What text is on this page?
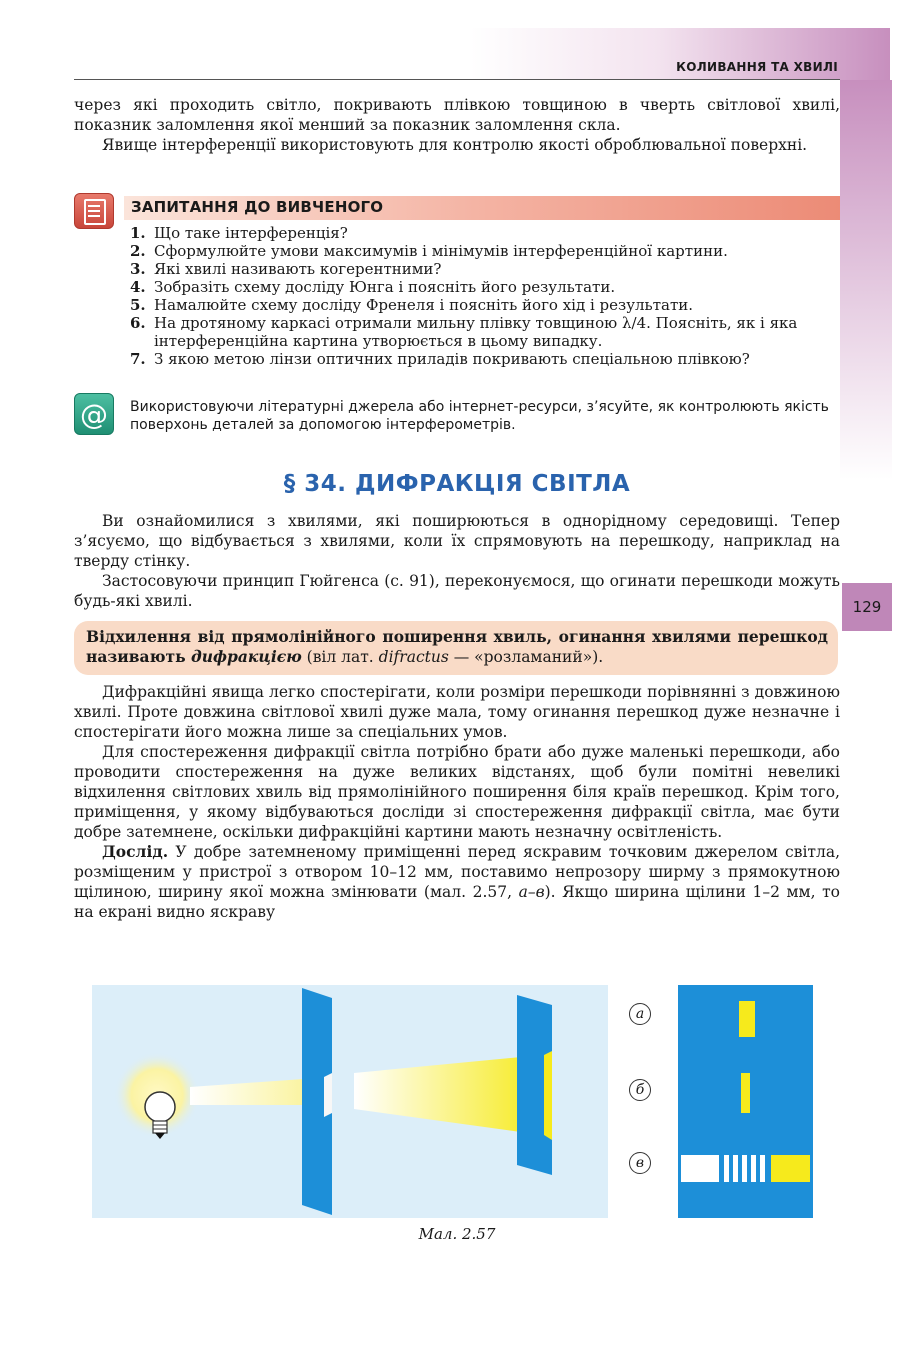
КОЛИВАННЯ ТА ХВИЛІ
129

через які проходить світло, покривають плівкою товщиною в чверть світлової хвилі, показник заломлення якої менший за показник заломлення скла.

Явище інтерференції використовують для контролю якості оброблювальної поверхні.

ЗАПИТАННЯ ДО ВИВЧЕНОГО
1. Що таке інтерференція?
2. Сформулюйте умови максимумів і мінімумів інтерференційної картини.
3. Які хвилі називають когерентними?
4. Зобразіть схему досліду Юнга і поясніть його результати.
5. Намалюйте схему досліду Френеля і поясніть його хід і результати.
6. На дротяному каркасі отримали мильну плівку товщиною λ/4. Поясніть, як і яка інтерференційна картина утворюється в цьому випадку.
7. З якою метою лінзи оптичних приладів покривають спеціальною плівкою?
@	Використовуючи літературні джерела або інтернет-ресурси, з’ясуйте, як контролюють якість поверхонь деталей за допомогою інтерферометрів.
§ 34. ДИФРАКЦІЯ СВІТЛА

Ви ознайомилися з хвилями, які поширюються в однорідному середовищі. Тепер з’ясуємо, що відбувається з хвилями, коли їх спрямовують на перешкоду, наприклад на тверду стінку.

Застосовуючи принцип Гюйгенса (с. 91), переконуємося, що огинати перешкоди можуть будь-які хвилі.

Відхилення від прямолінійного поширення хвиль, огинання хвилями перешкод називають дифракцією (віл лат. difractus — «розламаний»).

Дифракційні явища легко спостерігати, коли розміри перешкоди порівнянні з довжиною хвилі. Проте довжина світлової хвилі дуже мала, тому огинання перешкод дуже незначне і спостерігати його можна лише за спеціальних умов.

Для спостереження дифракції світла потрібно брати або дуже маленькі перешкоди, або проводити спостереження на дуже великих відстанях, щоб були помітні невеликі відхилення світлових хвиль від прямолінійного поширення біля країв перешкод. Крім того, приміщення, у якому відбуваються досліди зі спостереження дифракції світла, має бути добре затемнене, оскільки дифракційні картини мають незначну освітленість.

Дослід. У добре затемненому приміщенні перед яскравим точковим джерелом світла, розміщеним у пристрої з отвором 10–12 мм, поставимо непрозору ширму з прямокутною щілиною, ширину якої можна змінювати (мал. 2.57, а–в). Якщо ширина щілини 1–2 мм, то на екрані видно яскраву

а
б
в
Мал. 2.57
